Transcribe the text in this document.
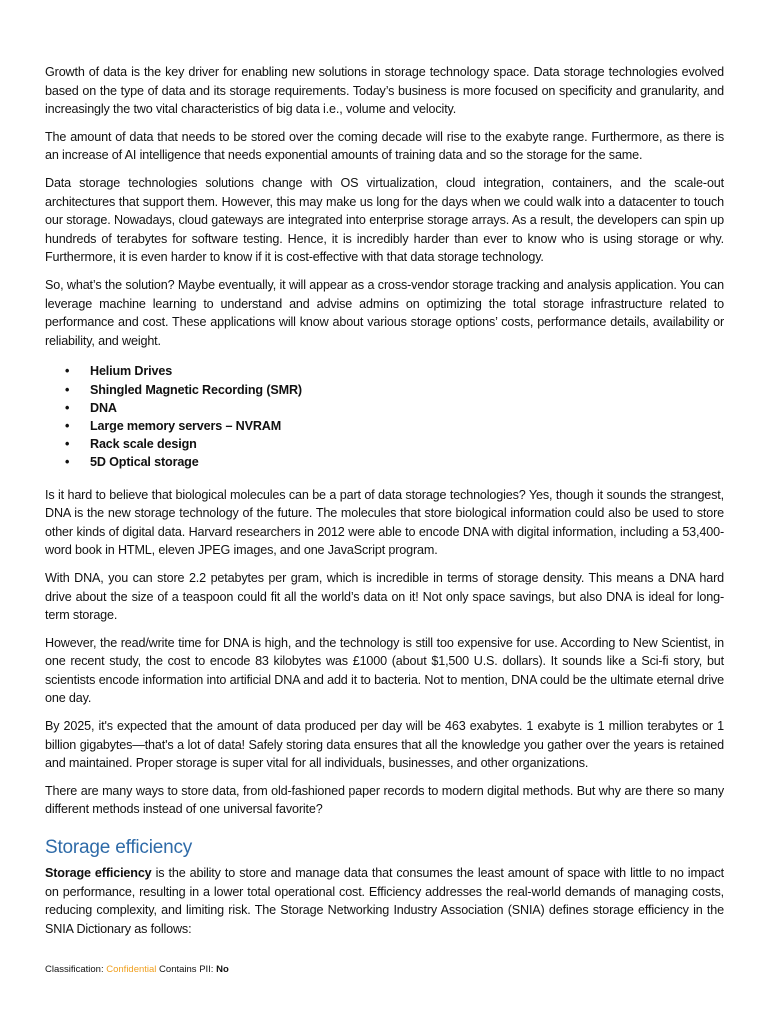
Growth of data is the key driver for enabling new solutions in storage technology space. Data storage technologies evolved based on the type of data and its storage requirements. Today’s business is more focused on specificity and granularity, and increasingly the two vital characteristics of big data i.e., volume and velocity.

The amount of data that needs to be stored over the coming decade will rise to the exabyte range. Furthermore, as there is an increase of AI intelligence that needs exponential amounts of training data and so the storage for the same.

Data storage technologies solutions change with OS virtualization, cloud integration, containers, and the scale-out architectures that support them. However, this may make us long for the days when we could walk into a datacenter to touch our storage. Nowadays, cloud gateways are integrated into enterprise storage arrays. As a result, the developers can spin up hundreds of terabytes for software testing. Hence, it is incredibly harder than ever to know who is using storage or why. Furthermore, it is even harder to know if it is cost-effective with that data storage technology.

So, what’s the solution? Maybe eventually, it will appear as a cross-vendor storage tracking and analysis application. You can leverage machine learning to understand and advise admins on optimizing the total storage infrastructure related to performance and cost. These applications will know about various storage options’ costs, performance details, availability or reliability, and weight.

• Helium Drives
• Shingled Magnetic Recording (SMR)
• DNA
• Large memory servers – NVRAM
• Rack scale design
• 5D Optical storage

Is it hard to believe that biological molecules can be a part of data storage technologies? Yes, though it sounds the strangest, DNA is the new storage technology of the future. The molecules that store biological information could also be used to store other kinds of digital data. Harvard researchers in 2012 were able to encode DNA with digital information, including a 53,400-word book in HTML, eleven JPEG images, and one JavaScript program.

With DNA, you can store 2.2 petabytes per gram, which is incredible in terms of storage density. This means a DNA hard drive about the size of a teaspoon could fit all the world’s data on it! Not only space savings, but also DNA is ideal for long-term storage.

However, the read/write time for DNA is high, and the technology is still too expensive for use. According to New Scientist, in one recent study, the cost to encode 83 kilobytes was £1000 (about $1,500 U.S. dollars). It sounds like a Sci-fi story, but scientists encode information into artificial DNA and add it to bacteria. Not to mention, DNA could be the ultimate eternal drive one day.

By 2025, it's expected that the amount of data produced per day will be 463 exabytes. 1 exabyte is 1 million terabytes or 1 billion gigabytes—that's a lot of data! Safely storing data ensures that all the knowledge you gather over the years is retained and maintained. Proper storage is super vital for all individuals, businesses, and other organizations.

There are many ways to store data, from old-fashioned paper records to modern digital methods. But why are there so many different methods instead of one universal favorite?

Storage efficiency

Storage efficiency is the ability to store and manage data that consumes the least amount of space with little to no impact on performance, resulting in a lower total operational cost. Efficiency addresses the real-world demands of managing costs, reducing complexity, and limiting risk. The Storage Networking Industry Association (SNIA) defines storage efficiency in the SNIA Dictionary as follows:

Classification: Confidential Contains PII: No
